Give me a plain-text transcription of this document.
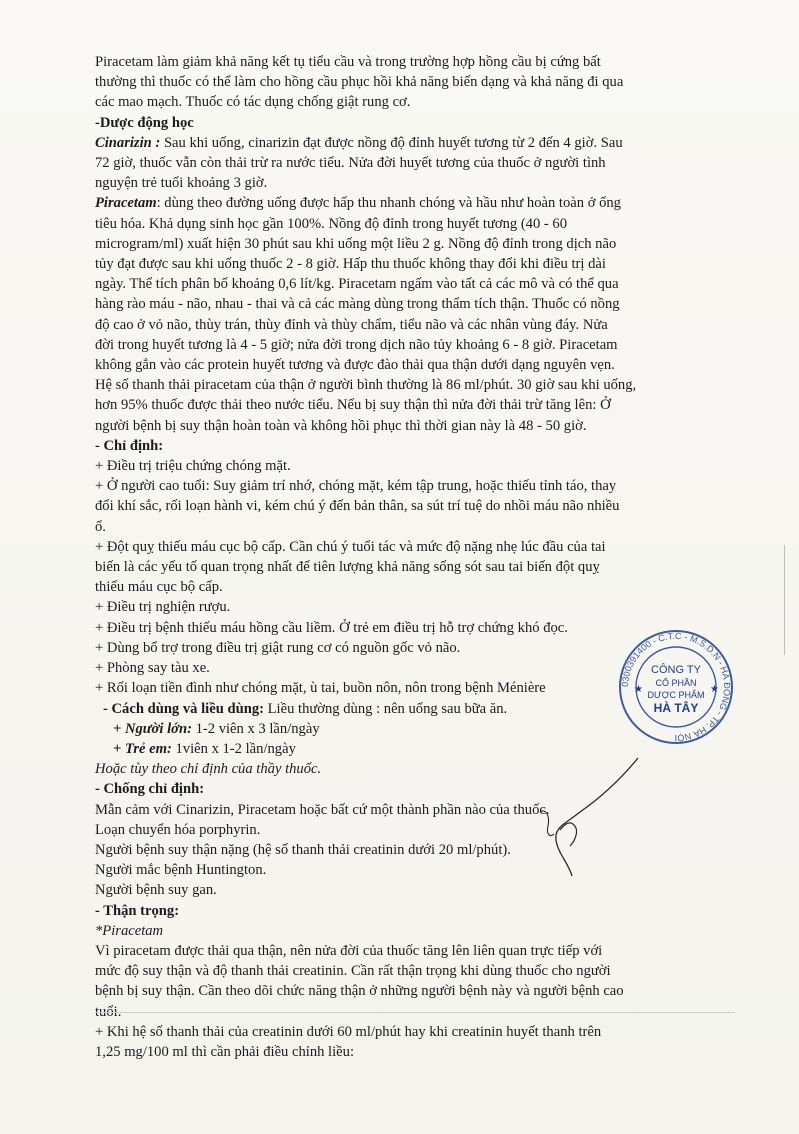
Piracetam làm giảm khả năng kết tụ tiểu cầu và trong trường hợp hồng cầu bị cứng bất

thường thì thuốc có thể làm cho hồng cầu phục hồi khả năng biến dạng và khả năng đi qua

các mao mạch. Thuốc có tác dụng chống giật rung cơ.

-Dược động học

Cinarizin : Sau khi uống, cinarizin đạt được nồng độ đỉnh huyết tương từ 2 đến 4 giờ. Sau

72 giờ, thuốc vẫn còn thải trừ ra nước tiểu. Nửa đời huyết tương của thuốc ở người tình

nguyện trẻ tuổi khoảng 3 giờ.

Piracetam: dùng theo đường uống được hấp thu nhanh chóng và hầu như hoàn toàn ở ống

tiêu hóa. Khả dụng sinh học gần 100%. Nồng độ đỉnh trong huyết tương (40 - 60

microgram/ml) xuất hiện 30 phút sau khi uống một liều 2 g. Nồng độ đỉnh trong dịch não

tủy đạt được sau khi uống thuốc 2 - 8 giờ. Hấp thu thuốc không thay đổi khi điều trị dài

ngày. Thể tích phân bố khoảng 0,6 lít/kg. Piracetam ngấm vào tất cả các mô và có thể qua

hàng rào máu - não, nhau - thai và cả các màng dùng trong thẩm tích thận. Thuốc có nồng

độ cao ở vỏ não, thùy trán, thùy đỉnh và thùy chẩm, tiểu não và các nhân vùng đáy. Nửa

đời trong huyết tương là 4 - 5 giờ; nửa đời trong dịch não tủy khoảng 6 - 8 giờ. Piracetam

không gắn vào các protein huyết tương và được đào thải qua thận dưới dạng nguyên vẹn.

Hệ số thanh thải piracetam của thận ở người bình thường là 86 ml/phút. 30 giờ sau khi uống,

hơn 95% thuốc được thải theo nước tiểu. Nếu bị suy thận thì nửa đời thải trừ tăng lên: Ở

người bệnh bị suy thận hoàn toàn và không hồi phục thì thời gian này là 48 - 50 giờ.

- Chỉ định:

+ Điều trị triệu chứng chóng mặt.

+ Ở người cao tuổi: Suy giảm trí nhớ, chóng mặt, kém tập trung, hoặc thiếu tỉnh táo, thay

đổi khí sắc, rối loạn hành vi, kém chú ý đến bản thân, sa sút trí tuệ do nhồi máu não nhiều

ổ.

+ Đột quỵ thiếu máu cục bộ cấp. Cần chú ý tuổi tác và mức độ nặng nhẹ lúc đầu của tai

biến là các yếu tố quan trọng nhất để tiên lượng khả năng sống sót sau tai biến đột quỵ

thiếu máu cục bộ cấp.

+ Điều trị nghiện rượu.

+ Điều trị bệnh thiếu máu hồng cầu liềm. Ở trẻ em điều trị hỗ trợ chứng khó đọc.

+ Dùng bổ trợ trong điều trị giật rung cơ có nguồn gốc vỏ não.

+ Phòng say tàu xe.

+ Rối loạn tiền đình như chóng mặt, ù tai, buồn nôn, nôn trong bệnh Ménière

- Cách dùng và liều dùng: Liều thường dùng : nên uống sau bữa ăn.

+ Người lớn: 1-2 viên x 3 lần/ngày

+ Trẻ em: 1viên x 1-2 lần/ngày

Hoặc tùy theo chỉ định của thầy thuốc.

- Chống chỉ định:

Mẫn cảm với Cinarizin, Piracetam hoặc bất cứ một thành phần nào của thuốc.

Loạn chuyển hóa porphyrin.

Người bệnh suy thận nặng (hệ số thanh thải creatinin dưới 20 ml/phút).

Người mắc bệnh Huntington.

Người bệnh suy gan.

- Thận trọng:

*Piracetam

Vì piracetam được thải qua thận, nên nửa đời của thuốc tăng lên liên quan trực tiếp với

mức độ suy thận và độ thanh thải creatinin. Cần rất thận trọng khi dùng thuốc cho người

bệnh bị suy thận. Cần theo dõi chức năng thận ở những người bệnh này và người bệnh cao

tuổi.

+ Khi hệ số thanh thải của creatinin dưới 60 ml/phút hay khi creatinin huyết thanh trên

1,25 mg/100 ml thì cần phải điều chỉnh liều:

0300391400 - C.T.C - M.S.D.N - HÀ ĐÔNG - TP. HÀ NỘI
CÔNG TY
CỔ PHẦN
DƯỢC PHẨM
HÀ TÂY
★	★
